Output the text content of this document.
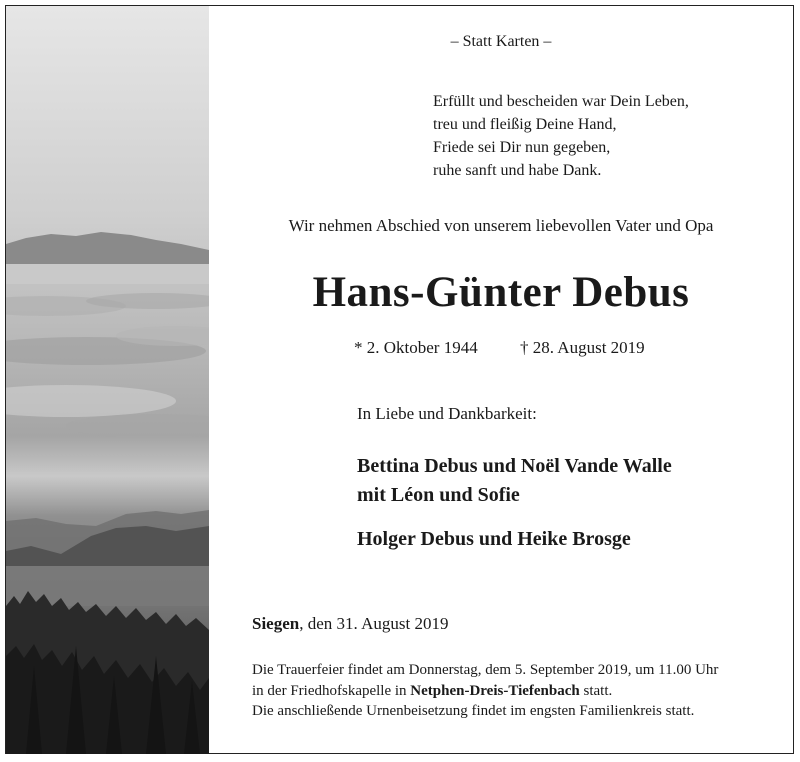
– Statt Karten –
Erfüllt und bescheiden war Dein Leben,
treu und fleißig Deine Hand,
Friede sei Dir nun gegeben,
ruhe sanft und habe Dank.
Wir nehmen Abschied von unserem liebevollen Vater und Opa
Hans-Günter Debus
* 2. Oktober 1944 † 28. August 2019
In Liebe und Dankbarkeit:
Bettina Debus und Noël Vande Walle
mit Léon und Sofie
Holger Debus und Heike Brosge
Siegen, den 31. August 2019
Die Trauerfeier findet am Donnerstag, dem 5. September 2019, um 11.00 Uhr
in der Friedhofskapelle in Netphen-Dreis-Tiefenbach statt.
Die anschließende Urnenbeisetzung findet im engsten Familienkreis statt.
